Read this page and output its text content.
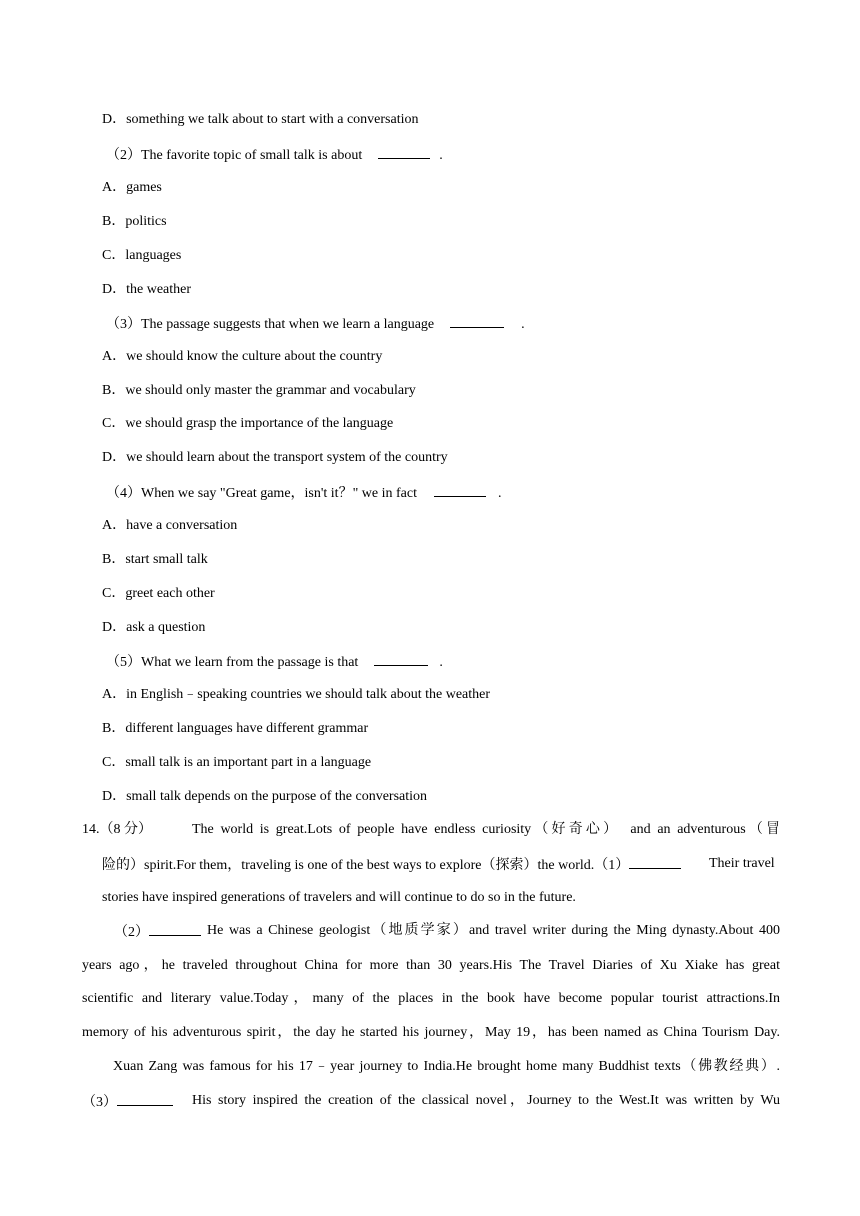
D．something we talk about to start with a conversation
（2）The favorite topic of small talk is about	.
A．games
B．politics
C．languages
D．the weather
（3）The passage suggests that when we learn a language	.
A．we should know the culture about the country
B．we should only master the grammar and vocabulary
C．we should grasp the importance of the language
D．we should learn about the transport system of the country
（4）When we say "Great game，isn't it？" we in fact	.
A．have a conversation
B．start small talk
C．greet each other
D．ask a question
（5）What we learn from the passage is that	.
A．in English﹣speaking countries we should talk about the weather
B．different languages have different grammar
C．small talk is an important part in a language
D．small talk depends on the purpose of the conversation
14.（8 分）	The world is great.Lots of people have endless curiosity（好奇心）　and an adventurous（冒
险的）spirit.For them，traveling is one of the best ways to explore（探索）the world.（1）	Their travel
stories have inspired generations of travelers and will continue to do so in the future.
（2）	He was a Chinese geologist（地质学家）and travel writer during the Ming dynasty.About 400
years ago，he traveled throughout China for more than 30 years.His The Travel Diaries of Xu Xiake has great
scientific and literary value.Today，many of the places in the book have become popular tourist attractions.In
memory of his adventurous spirit，the day he started his journey，May 19，has been named as China Tourism Day.
Xuan Zang was famous for his 17﹣year journey to India.He brought home many Buddhist texts（佛教经典）.
（3）	His story inspired the creation of the classical novel，Journey to the West.It was written by Wu
